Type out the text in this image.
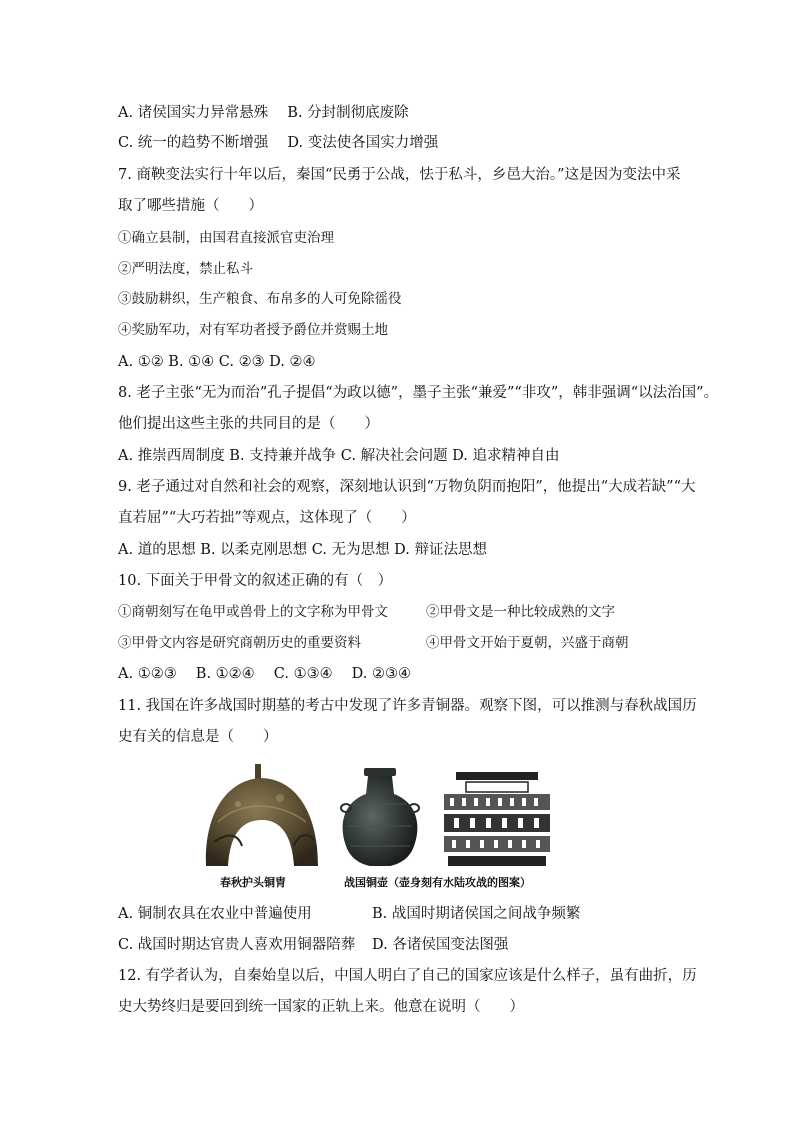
A. 诸侯国实力异常悬殊　 B. 分封制彻底废除
C. 统一的趋势不断增强　 D. 变法使各国实力增强
7. 商鞅变法实行十年以后，秦国“民勇于公战，怯于私斗，乡邑大治。”这是因为变法中采
取了哪些措施（　　）
①确立县制，由国君直接派官吏治理
②严明法度，禁止私斗
③鼓励耕织，生产粮食、布帛多的人可免除徭役
④奖励军功，对有军功者授予爵位并赏赐土地
A. ①② B. ①④ C. ②③ D. ②④
8. 老子主张“无为而治”孔子提倡“为政以德”，墨子主张“兼爱”“非攻”，韩非强调“以法治国”。
他们提出这些主张的共同目的是（　　）
A. 推崇西周制度 B. 支持兼并战争 C. 解决社会问题 D. 追求精神自由
9. 老子通过对自然和社会的观察，深刻地认识到“万物负阴而抱阳”，他提出“大成若缺”“大
直若屈”“大巧若拙”等观点，这体现了（　　）
A. 道的思想 B. 以柔克刚思想 C. 无为思想 D. 辩证法思想
10. 下面关于甲骨文的叙述正确的有（　）
①商朝刻写在龟甲或兽骨上的文字称为甲骨文	②甲骨文是一种比较成熟的文字
③甲骨文内容是研究商朝历史的重要资料	④甲骨文开始于夏朝，兴盛于商朝
A. ①②③　 B. ①②④　 C. ①③④　 D. ②③④
11. 我国在许多战国时期墓的考古中发现了许多青铜器。观察下图，可以推测与春秋战国历
史有关的信息是（　　）
春秋护头铜胄	战国铜壶（壶身刻有水陆攻战的图案）
A. 铜制农具在农业中普遍使用	B. 战国时期诸侯国之间战争频繁
C. 战国时期达官贵人喜欢用铜器陪葬 D. 各诸侯国变法图强
12. 有学者认为，自秦始皇以后，中国人明白了自己的国家应该是什么样子，虽有曲折，历
史大势终归是要回到统一国家的正轨上来。他意在说明（　　）
